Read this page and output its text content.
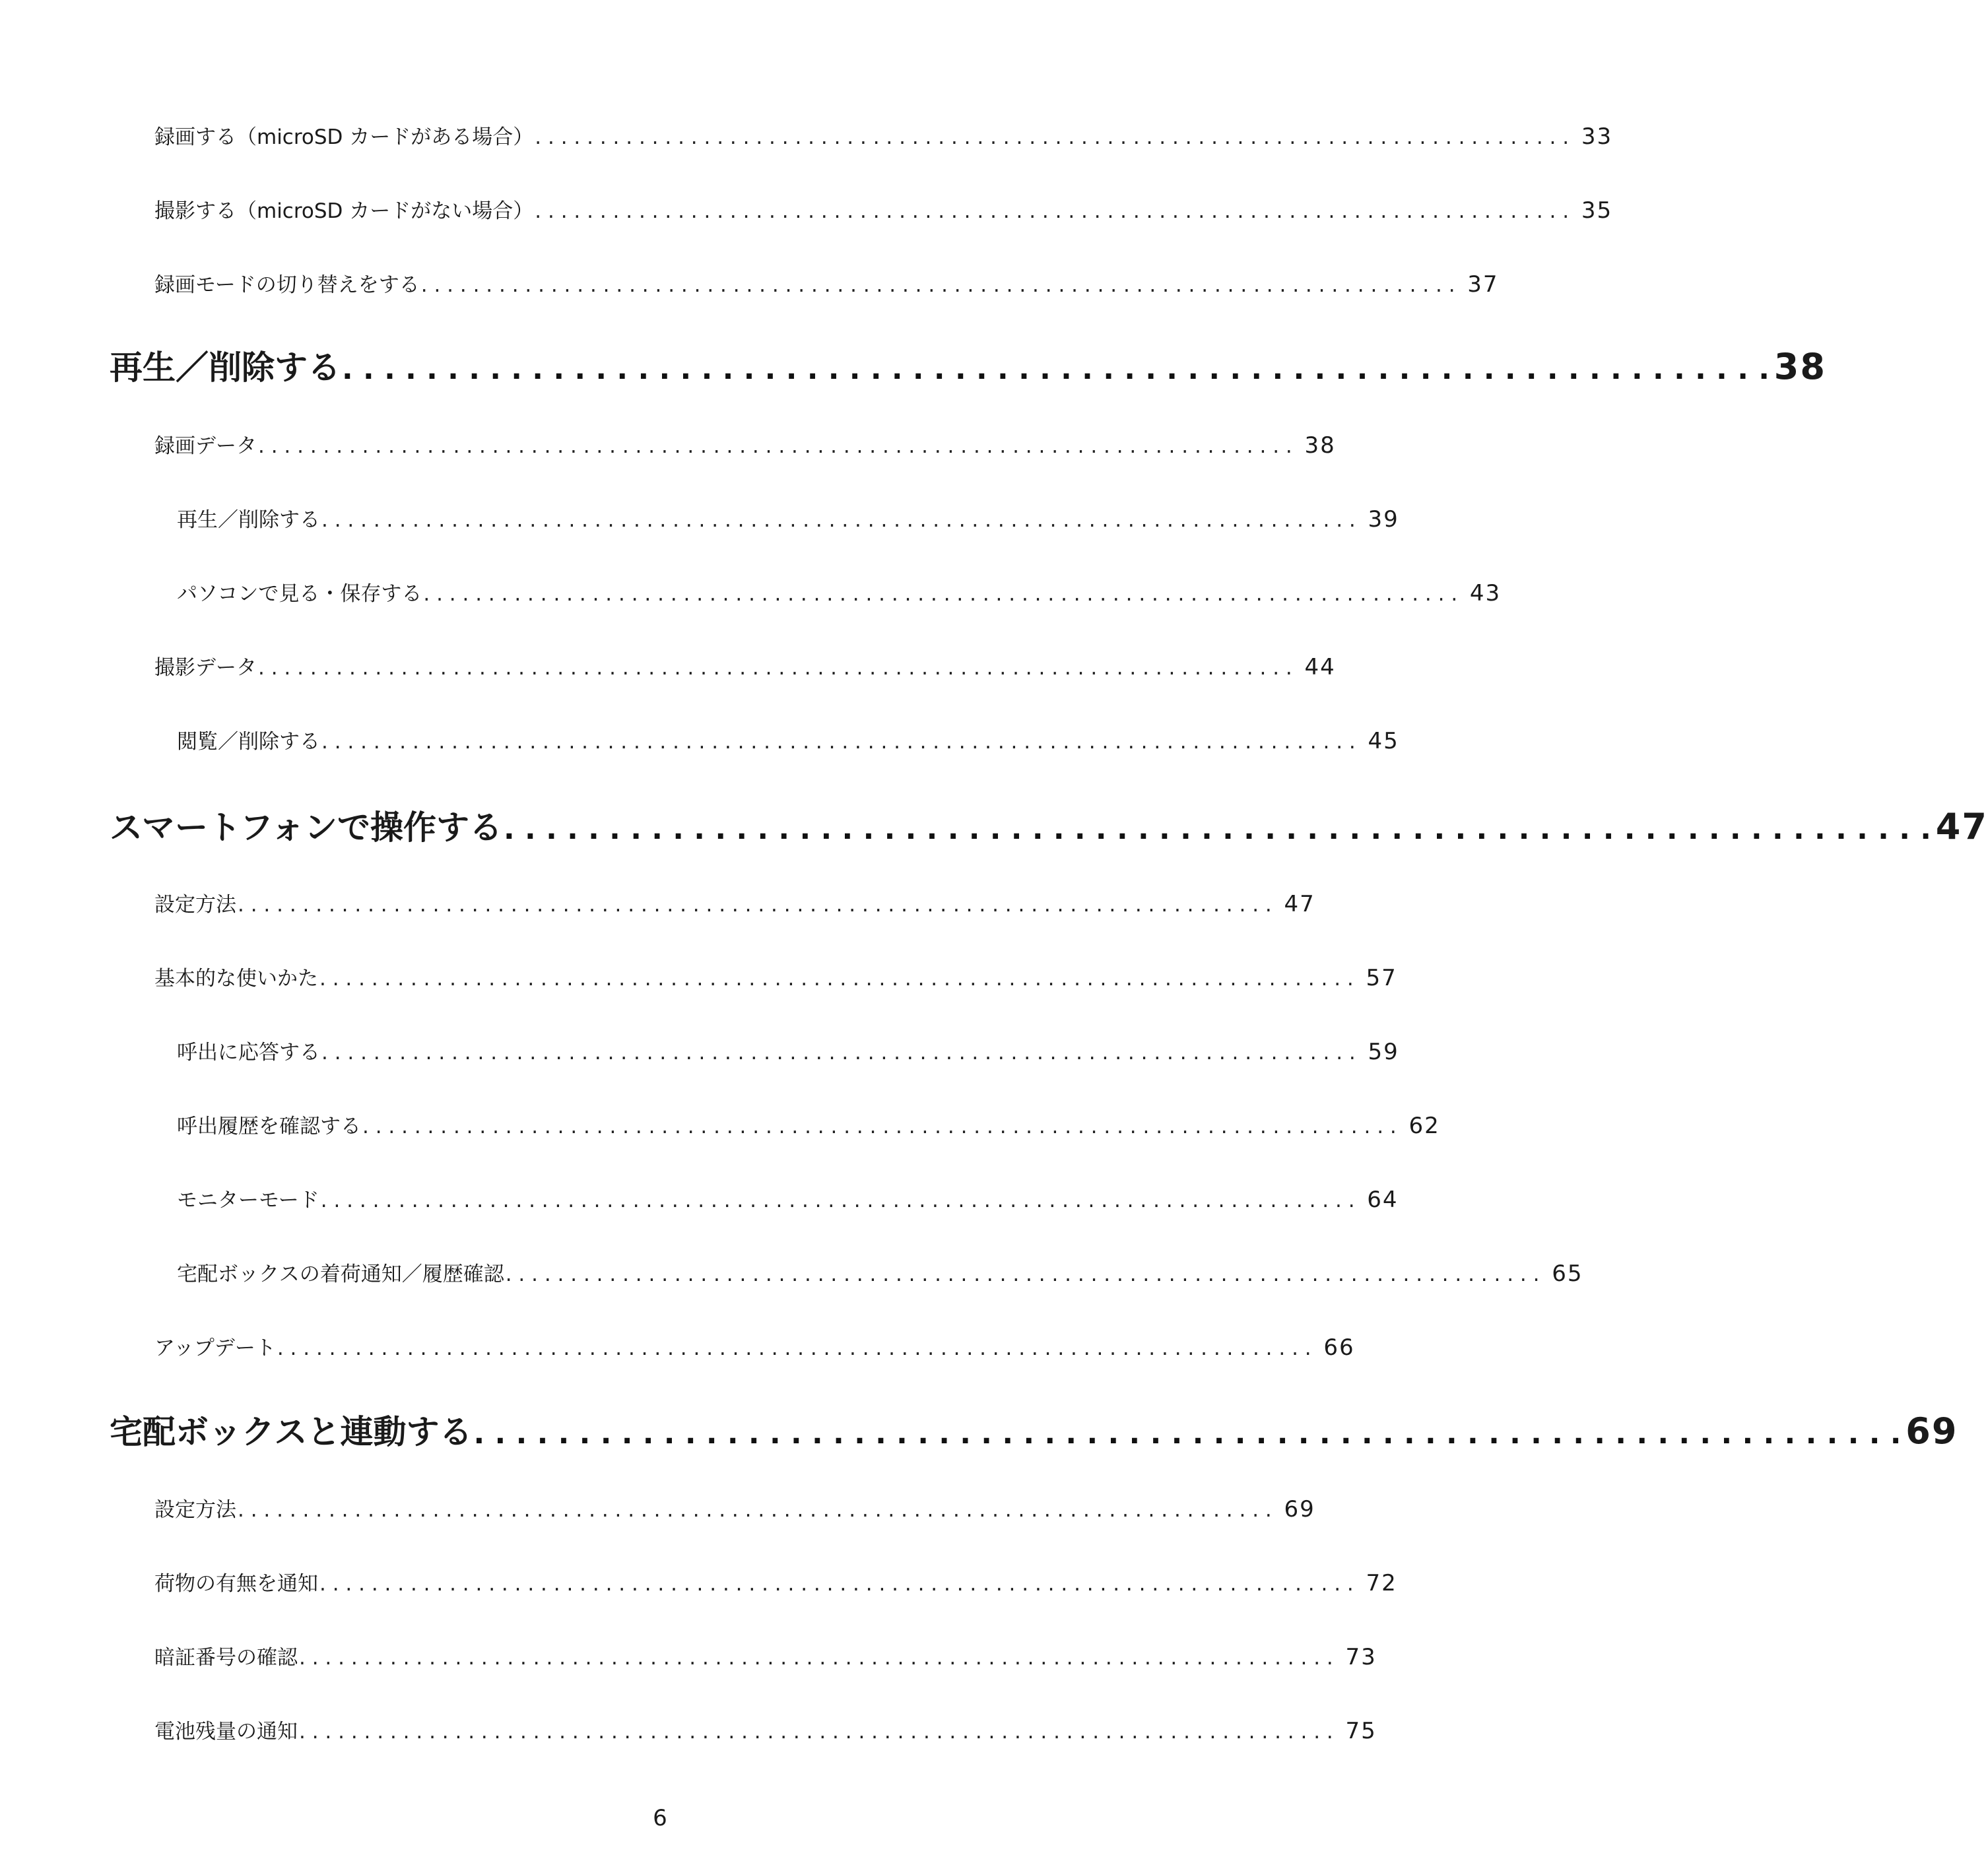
録画する（microSD カードがある場合） . . . . . . . . . . . . . . . . . . . . . . . . . . . . . . . . . . . . . . . . . . . . . . . . . . . . . . . . . . . . . . . . . . . . . . . . . . . . . . . . 33
撮影する（microSD カードがない場合） . . . . . . . . . . . . . . . . . . . . . . . . . . . . . . . . . . . . . . . . . . . . . . . . . . . . . . . . . . . . . . . . . . . . . . . . . . . . . . . . 35
録画モードの切り替えをする . . . . . . . . . . . . . . . . . . . . . . . . . . . . . . . . . . . . . . . . . . . . . . . . . . . . . . . . . . . . . . . . . . . . . . . . . . . . . . . . 37
再生／削除する . . . . . . . . . . . . . . . . . . . . . . . . . . . . . . . . . . . . . . . . . . . . . . . . . . . . . . . . . . . . . . . . . . . . 38
録画データ . . . . . . . . . . . . . . . . . . . . . . . . . . . . . . . . . . . . . . . . . . . . . . . . . . . . . . . . . . . . . . . . . . . . . . . . . . . . . . . . 38
再生／削除する . . . . . . . . . . . . . . . . . . . . . . . . . . . . . . . . . . . . . . . . . . . . . . . . . . . . . . . . . . . . . . . . . . . . . . . . . . . . . . . . 39
パソコンで見る・保存する . . . . . . . . . . . . . . . . . . . . . . . . . . . . . . . . . . . . . . . . . . . . . . . . . . . . . . . . . . . . . . . . . . . . . . . . . . . . . . . . 43
撮影データ . . . . . . . . . . . . . . . . . . . . . . . . . . . . . . . . . . . . . . . . . . . . . . . . . . . . . . . . . . . . . . . . . . . . . . . . . . . . . . . . 44
閲覧／削除する . . . . . . . . . . . . . . . . . . . . . . . . . . . . . . . . . . . . . . . . . . . . . . . . . . . . . . . . . . . . . . . . . . . . . . . . . . . . . . . . 45
スマートフォンで操作する . . . . . . . . . . . . . . . . . . . . . . . . . . . . . . . . . . . . . . . . . . . . . . . . . . . . . . . . . . . . . . . . . . . . 47
設定方法 . . . . . . . . . . . . . . . . . . . . . . . . . . . . . . . . . . . . . . . . . . . . . . . . . . . . . . . . . . . . . . . . . . . . . . . . . . . . . . . . 47
基本的な使いかた . . . . . . . . . . . . . . . . . . . . . . . . . . . . . . . . . . . . . . . . . . . . . . . . . . . . . . . . . . . . . . . . . . . . . . . . . . . . . . . . 57
呼出に応答する . . . . . . . . . . . . . . . . . . . . . . . . . . . . . . . . . . . . . . . . . . . . . . . . . . . . . . . . . . . . . . . . . . . . . . . . . . . . . . . . 59
呼出履歴を確認する . . . . . . . . . . . . . . . . . . . . . . . . . . . . . . . . . . . . . . . . . . . . . . . . . . . . . . . . . . . . . . . . . . . . . . . . . . . . . . . . 62
モニターモード . . . . . . . . . . . . . . . . . . . . . . . . . . . . . . . . . . . . . . . . . . . . . . . . . . . . . . . . . . . . . . . . . . . . . . . . . . . . . . . . 64
宅配ボックスの着荷通知／履歴確認 . . . . . . . . . . . . . . . . . . . . . . . . . . . . . . . . . . . . . . . . . . . . . . . . . . . . . . . . . . . . . . . . . . . . . . . . . . . . . . . . 65
アップデート . . . . . . . . . . . . . . . . . . . . . . . . . . . . . . . . . . . . . . . . . . . . . . . . . . . . . . . . . . . . . . . . . . . . . . . . . . . . . . . . 66
宅配ボックスと連動する . . . . . . . . . . . . . . . . . . . . . . . . . . . . . . . . . . . . . . . . . . . . . . . . . . . . . . . . . . . . . . . . . . . . 69
設定方法 . . . . . . . . . . . . . . . . . . . . . . . . . . . . . . . . . . . . . . . . . . . . . . . . . . . . . . . . . . . . . . . . . . . . . . . . . . . . . . . . 69
荷物の有無を通知 . . . . . . . . . . . . . . . . . . . . . . . . . . . . . . . . . . . . . . . . . . . . . . . . . . . . . . . . . . . . . . . . . . . . . . . . . . . . . . . . 72
暗証番号の確認 . . . . . . . . . . . . . . . . . . . . . . . . . . . . . . . . . . . . . . . . . . . . . . . . . . . . . . . . . . . . . . . . . . . . . . . . . . . . . . . . 73
電池残量の通知 . . . . . . . . . . . . . . . . . . . . . . . . . . . . . . . . . . . . . . . . . . . . . . . . . . . . . . . . . . . . . . . . . . . . . . . . . . . . . . . . 75
6
